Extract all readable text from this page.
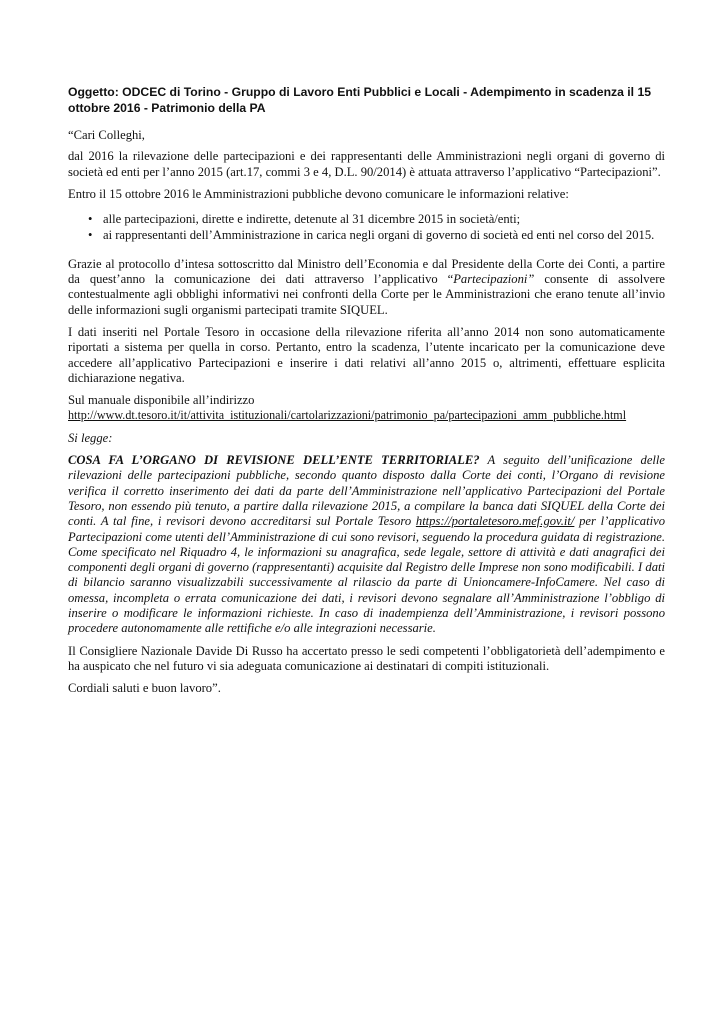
Oggetto: ODCEC di Torino - Gruppo di Lavoro Enti Pubblici e Locali - Adempimento in scadenza il 15 ottobre 2016 - Patrimonio della PA

“Cari Colleghi,

dal 2016 la rilevazione delle partecipazioni e dei rappresentanti delle Amministrazioni negli organi di governo di società ed enti per l’anno 2015 (art.17, commi 3 e 4, D.L. 90/2014) è attuata attraverso l’applicativo “Partecipazioni”.

Entro il 15 ottobre 2016 le Amministrazioni pubbliche devono comunicare le informazioni relative:

• alle partecipazioni, dirette e indirette, detenute al 31 dicembre 2015 in società/enti;
• ai rappresentanti dell’Amministrazione in carica negli organi di governo di società ed enti nel corso del 2015.

Grazie al protocollo d’intesa sottoscritto dal Ministro dell’Economia e dal Presidente della Corte dei Conti, a partire da quest’anno la comunicazione dei dati attraverso l’applicativo “Partecipazioni” consente di assolvere contestualmente agli obblighi informativi nei confronti della Corte per le Amministrazioni che erano tenute all’invio delle informazioni sugli organismi partecipati tramite SIQUEL.

I dati inseriti nel Portale Tesoro in occasione della rilevazione riferita all’anno 2014 non sono automaticamente riportati a sistema per quella in corso. Pertanto, entro la scadenza, l’utente incaricato per la comunicazione deve accedere all’applicativo Partecipazioni e inserire i dati relativi all’anno 2015 o, altrimenti, effettuare esplicita dichiarazione negativa.

Sul manuale disponibile all’indirizzo
http://www.dt.tesoro.it/it/attivita_istituzionali/cartolarizzazioni/patrimonio_pa/partecipazioni_amm_pubbliche.html

Si legge:

COSA FA L’ORGANO DI REVISIONE DELL’ENTE TERRITORIALE? A seguito dell’unificazione delle rilevazioni delle partecipazioni pubbliche, secondo quanto disposto dalla Corte dei conti, l’Organo di revisione verifica il corretto inserimento dei dati da parte dell’Amministrazione nell’applicativo Partecipazioni del Portale Tesoro, non essendo più tenuto, a partire dalla rilevazione 2015, a compilare la banca dati SIQUEL della Corte dei conti. A tal fine, i revisori devono accreditarsi sul Portale Tesoro https://portaletesoro.mef.gov.it/ per l’applicativo Partecipazioni come utenti dell’Amministrazione di cui sono revisori, seguendo la procedura guidata di registrazione. Come specificato nel Riquadro 4, le informazioni su anagrafica, sede legale, settore di attività e dati anagrafici dei componenti degli organi di governo (rappresentanti) acquisite dal Registro delle Imprese non sono modificabili. I dati di bilancio saranno visualizzabili successivamente al rilascio da parte di Unioncamere-InfoCamere. Nel caso di omessa, incompleta o errata comunicazione dei dati, i revisori devono segnalare all’Amministrazione l’obbligo di inserire o modificare le informazioni richieste. In caso di inadempienza dell’Amministrazione, i revisori possono procedere autonomamente alle rettifiche e/o alle integrazioni necessarie.

Il Consigliere Nazionale Davide Di Russo ha accertato presso le sedi competenti l’obbligatorietà dell’adempimento e ha auspicato che nel futuro vi sia adeguata comunicazione ai destinatari di compiti istituzionali.

Cordiali saluti e buon lavoro”.
